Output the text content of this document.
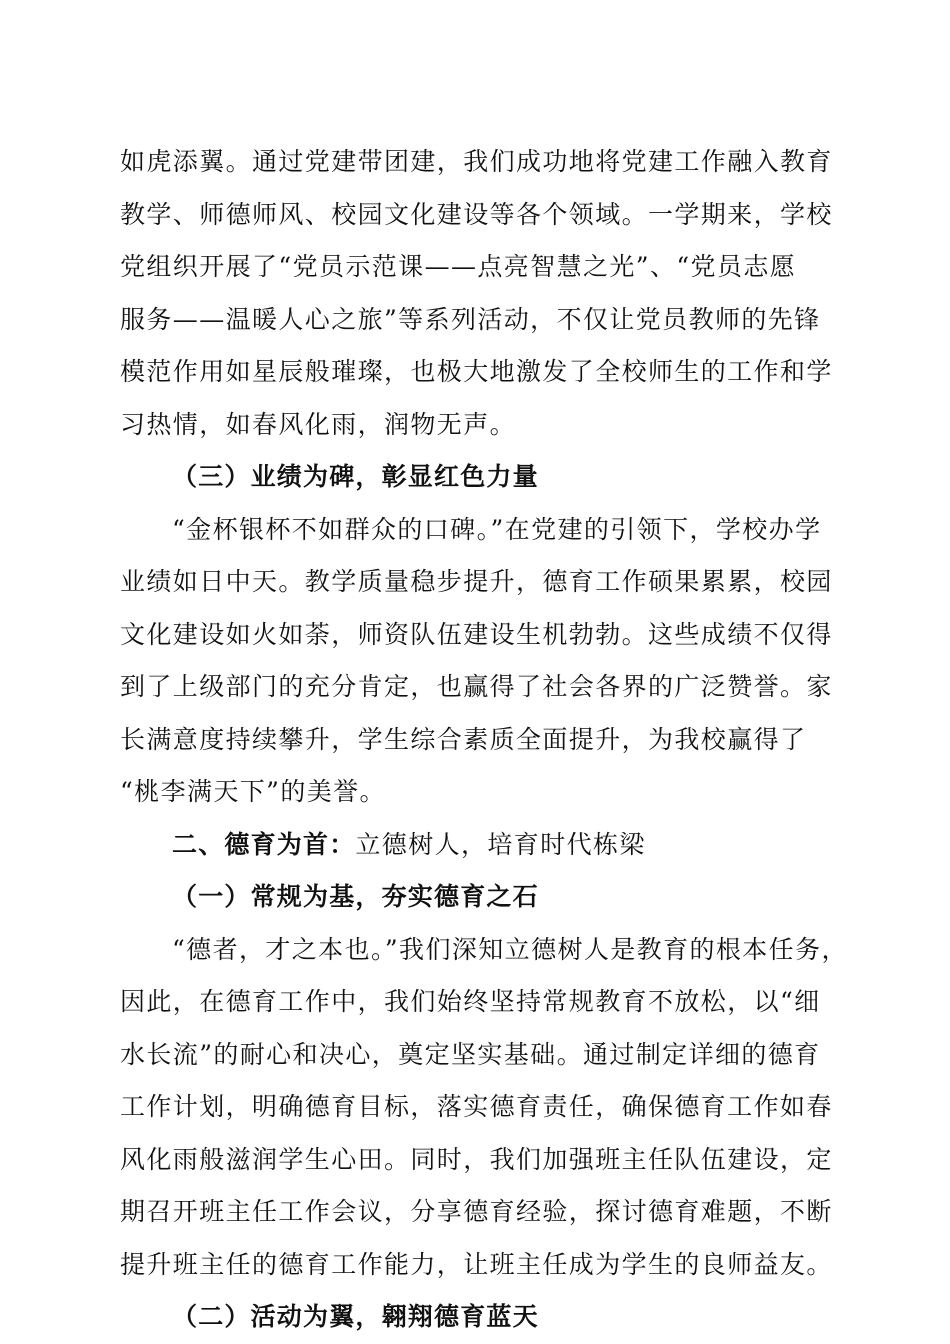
如虎添翼。通过党建带团建，我们成功地将党建工作融入教育
教学、师德师风、校园文化建设等各个领域。一学期来，学校
党组织开展了“党员示范课——点亮智慧之光”、“党员志愿
服务——温暖人心之旅”等系列活动，不仅让党员教师的先锋
模范作用如星辰般璀璨，也极大地激发了全校师生的工作和学
习热情，如春风化雨，润物无声。
（三）业绩为碑，彰显红色力量
“金杯银杯不如群众的口碑。”在党建的引领下，学校办学
业绩如日中天。教学质量稳步提升，德育工作硕果累累，校园
文化建设如火如荼，师资队伍建设生机勃勃。这些成绩不仅得
到了上级部门的充分肯定，也赢得了社会各界的广泛赞誉。家
长满意度持续攀升，学生综合素质全面提升，为我校赢得了
“桃李满天下”的美誉。
二、德育为首：立德树人，培育时代栋梁
（一）常规为基，夯实德育之石
“德者，才之本也。”我们深知立德树人是教育的根本任务，
因此，在德育工作中，我们始终坚持常规教育不放松，以“细
水长流”的耐心和决心，奠定坚实基础。通过制定详细的德育
工作计划，明确德育目标，落实德育责任，确保德育工作如春
风化雨般滋润学生心田。同时，我们加强班主任队伍建设，定
期召开班主任工作会议，分享德育经验，探讨德育难题，不断
提升班主任的德育工作能力，让班主任成为学生的良师益友。
（二）活动为翼，翱翔德育蓝天
